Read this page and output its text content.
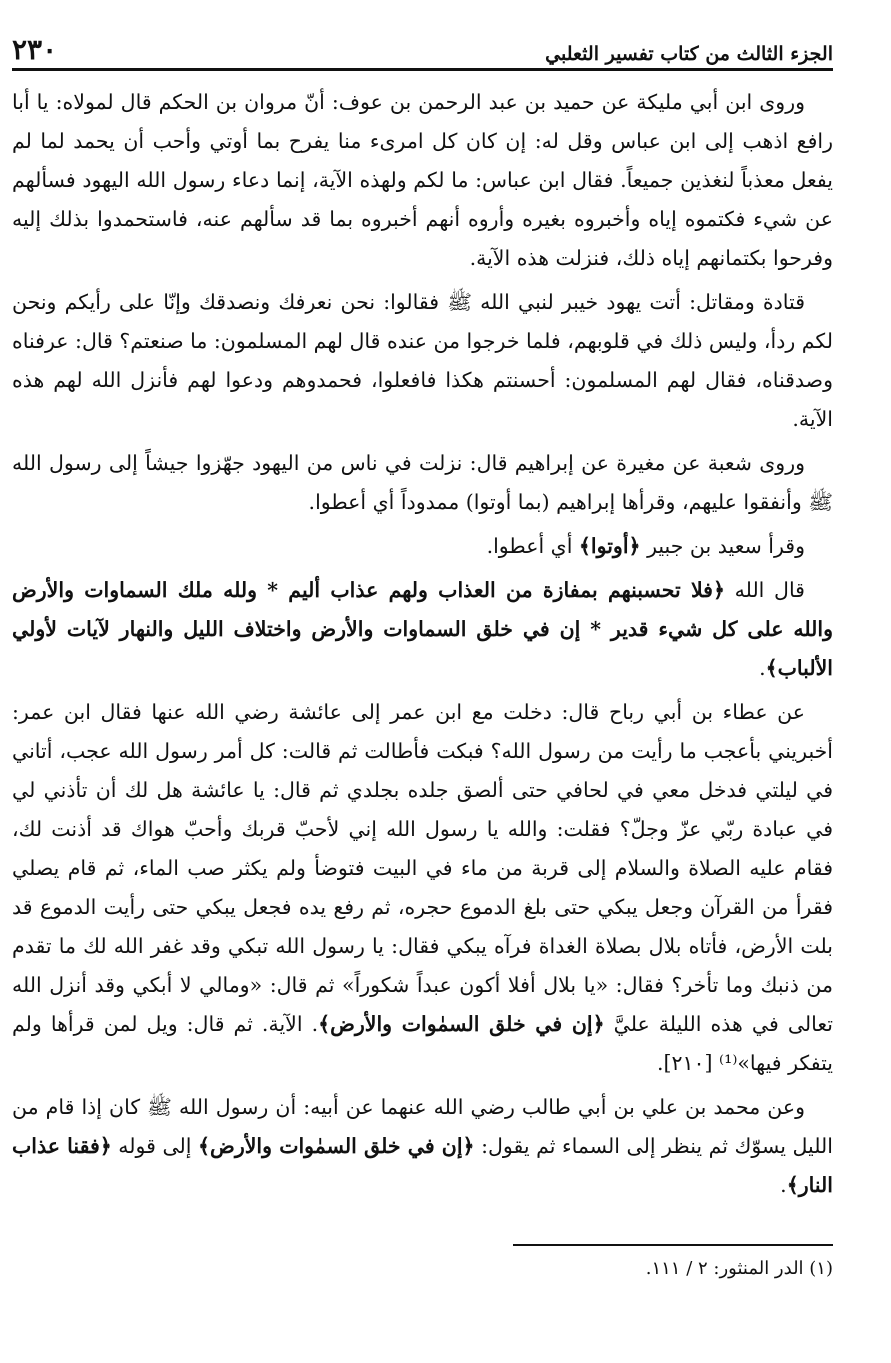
الجزء الثالث من كتاب تفسير الثعلبي
٢٣٠

وروى ابن أبي مليكة عن حميد بن عبد الرحمن بن عوف: أنّ مروان بن الحكم قال لمولاه: يا أبا رافع اذهب إلى ابن عباس وقل له: إن كان كل امرىء منا يفرح بما أوتي وأحب أن يحمد لما لم يفعل معذباً لنغذين جميعاً. فقال ابن عباس: ما لكم ولهذه الآية، إنما دعاء رسول الله اليهود فسألهم عن شيء فكتموه إياه وأخبروه بغيره وأروه أنهم أخبروه بما قد سألهم عنه، فاستحمدوا بذلك إليه وفرحوا بكتمانهم إياه ذلك، فنزلت هذه الآية.

قتادة ومقاتل: أتت يهود خيبر لنبي الله ﷺ فقالوا: نحن نعرفك ونصدقك وإنّا على رأيكم ونحن لكم ردأ، وليس ذلك في قلوبهم، فلما خرجوا من عنده قال لهم المسلمون: ما صنعتم؟ قال: عرفناه وصدقناه، فقال لهم المسلمون: أحسنتم هكذا فافعلوا، فحمدوهم ودعوا لهم فأنزل الله لهم هذه الآية.

وروى شعبة عن مغيرة عن إبراهيم قال: نزلت في ناس من اليهود جهّزوا جيشاً إلى رسول الله ﷺ وأنفقوا عليهم، وقرأها إبراهيم (بما أوتوا) ممدوداً أي أعطوا.

وقرأ سعيد بن جبير ﴿أوتوا﴾ أي أعطوا.

قال الله ﴿فلا تحسبنهم بمفازة من العذاب ولهم عذاب أليم * ولله ملك السماوات والأرض والله على كل شيء قدير * إن في خلق السماوات والأرض واختلاف الليل والنهار لآيات لأولي الألباب﴾.

عن عطاء بن أبي رباح قال: دخلت مع ابن عمر إلى عائشة رضي الله عنها فقال ابن عمر: أخبريني بأعجب ما رأيت من رسول الله؟ فبكت فأطالت ثم قالت: كل أمر رسول الله عجب، أتاني في ليلتي فدخل معي في لحافي حتى ألصق جلده بجلدي ثم قال: يا عائشة هل لك أن تأذني لي في عبادة ربّي عزّ وجلّ؟ فقلت: والله يا رسول الله إني لأحبّ قربك وأحبّ هواك قد أذنت لك، فقام عليه الصلاة والسلام إلى قربة من ماء في البيت فتوضأ ولم يكثر صب الماء، ثم قام يصلي فقرأ من القرآن وجعل يبكي حتى بلغ الدموع حجره، ثم رفع يده فجعل يبكي حتى رأيت الدموع قد بلت الأرض، فأتاه بلال بصلاة الغداة فرآه يبكي فقال: يا رسول الله تبكي وقد غفر الله لك ما تقدم من ذنبك وما تأخر؟ فقال: «يا بلال أفلا أكون عبداً شكوراً» ثم قال: «ومالي لا أبكي وقد أنزل الله تعالى في هذه الليلة عليَّ ﴿إن في خلق السمٰوات والأرض﴾. الآية. ثم قال: ويل لمن قرأها ولم يتفكر فيها»⁽¹⁾ [٢١٠].

وعن محمد بن علي بن أبي طالب رضي الله عنهما عن أبيه: أن رسول الله ﷺ كان إذا قام من الليل يسوّك ثم ينظر إلى السماء ثم يقول: ﴿إن في خلق السمٰوات والأرض﴾ إلى قوله ﴿فقنا عذاب النار﴾.

(١) الدر المنثور: ٢ / ١١١.
